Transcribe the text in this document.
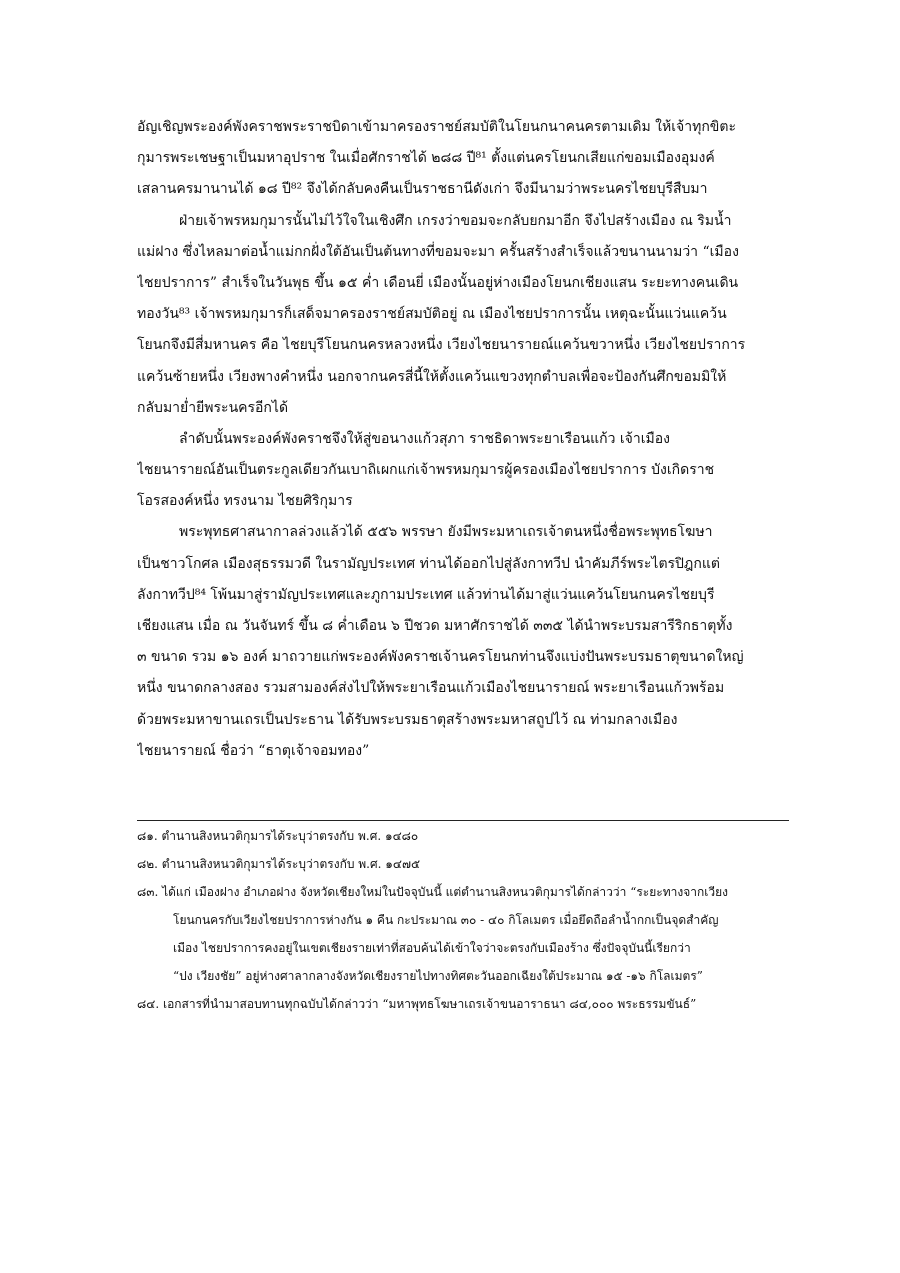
อัญเชิญพระองค์พังคราชพระราชบิดาเข้ามาครองราชย์สมบัติในโยนกนาคนครตามเดิม ให้เจ้าทุกขิตะ
กุมารพระเชษฐาเป็นมหาอุปราช ในเมื่อศักราชได้ ๒๘๘ ปี⁸¹ ตั้งแต่นครโยนกเสียแก่ขอมเมืองอุมงค์
เสลานครมานานได้ ๑๘ ปี⁸² จึงได้กลับคงคืนเป็นราชธานีดังเก่า จึงมีนามว่าพระนครไชยบุรีสืบมา
ฝ่ายเจ้าพรหมกุมารนั้นไม่ไว้ใจในเชิงศึก เกรงว่าขอมจะกลับยกมาอีก จึงไปสร้างเมือง ณ ริมน้ำ
แม่ฝาง ซึ่งไหลมาต่อน้ำแม่กกฝั่งใต้อันเป็นต้นทางที่ขอมจะมา ครั้นสร้างสำเร็จแล้วขนานนามว่า “เมือง
ไชยปราการ” สำเร็จในวันพุธ ขึ้น ๑๕ ค่ำ เดือนยี่ เมืองนั้นอยู่ห่างเมืองโยนกเชียงแสน ระยะทางคนเดิน
ทองวัน⁸³ เจ้าพรหมกุมารก็เสด็จมาครองราชย์สมบัติอยู่ ณ เมืองไชยปราการนั้น เหตุฉะนั้นแว่นแคว้น
โยนกจึงมีสี่มหานคร คือ ไชยบุรีโยนกนครหลวงหนึ่ง เวียงไชยนารายณ์แคว้นขวาหนึ่ง เวียงไชยปราการ
แคว้นซ้ายหนึ่ง เวียงพางคำหนึ่ง นอกจากนครสี่นี้ให้ตั้งแคว้นแขวงทุกตำบลเพื่อจะป้องกันศึกขอมมิให้
กลับมาย่ำยีพระนครอีกได้
ลำดับนั้นพระองค์พังคราชจึงให้สู่ขอนางแก้วสุภา ราชธิดาพระยาเรือนแก้ว เจ้าเมือง
ไชยนารายณ์อันเป็นตระกูลเดียวกันเบาถิเผกแก่เจ้าพรหมกุมารผู้ครองเมืองไชยปราการ บังเกิดราช
โอรสองค์หนึ่ง ทรงนาม ไชยศิริกุมาร
พระพุทธศาสนากาลล่วงแล้วได้ ๕๕๖ พรรษา ยังมีพระมหาเถรเจ้าตนหนึ่งชื่อพระพุทธโฆษา
เป็นชาวโกศล เมืองสุธรรมวดี ในรามัญประเทศ ท่านได้ออกไปสู่ลังกาทวีป นำคัมภีร์พระไตรปิฎกแต่
ลังกาทวีป⁸⁴ โพ้นมาสู่รามัญประเทศและภูกามประเทศ แล้วท่านได้มาสู่แว่นแคว้นโยนกนครไชยบุรี
เชียงแสน เมื่อ ณ วันจันทร์ ขึ้น ๘ ค่ำเดือน ๖ ปีชวด มหาศักราชได้ ๓๓๕ ได้นำพระบรมสารีริกธาตุทั้ง
๓ ขนาด รวม ๑๖ องค์ มาถวายแก่พระองค์พังคราชเจ้านครโยนกท่านจึงแบ่งปันพระบรมธาตุขนาดใหญ่
หนึ่ง ขนาดกลางสอง รวมสามองค์ส่งไปให้พระยาเรือนแก้วเมืองไชยนารายณ์ พระยาเรือนแก้วพร้อม
ด้วยพระมหาขานเถรเป็นประธาน ได้รับพระบรมธาตุสร้างพระมหาสถูปไว้ ณ ท่ามกลางเมือง
ไชยนารายณ์ ชื่อว่า “ธาตุเจ้าจอมทอง”
๘๑. ตำนานสิงหนวติกุมารได้ระบุว่าตรงกับ พ.ศ. ๑๔๘๐
๘๒. ตำนานสิงหนวติกุมารได้ระบุว่าตรงกับ พ.ศ. ๑๔๗๕
๘๓. ได้แก่ เมืองฝาง อำเภอฝาง จังหวัดเชียงใหม่ในปัจจุบันนี้ แต่ตำนานสิงหนวติกุมารได้กล่าวว่า “ระยะทางจากเวียง
โยนกนครกับเวียงไชยปราการห่างกัน ๑ คืน กะประมาณ ๓๐ - ๔๐ กิโลเมตร เมื่อยึดถือลำน้ำกกเป็นจุดสำคัญ
เมือง ไชยปราการคงอยู่ในเขตเชียงรายเท่าที่สอบค้นได้เข้าใจว่าจะตรงกับเมืองร้าง ซึ่งปัจจุบันนี้เรียกว่า
“ปง เวียงชัย” อยู่ห่างศาลากลางจังหวัดเชียงรายไปทางทิศตะวันออกเฉียงใต้ประมาณ ๑๕ -๑๖ กิโลเมตร”
๘๔. เอกสารที่นำมาสอบทานทุกฉบับได้กล่าวว่า “มหาพุทธโฆษาเถรเจ้าขนอาราธนา ๘๔,๐๐๐ พระธรรมขันธ์”
